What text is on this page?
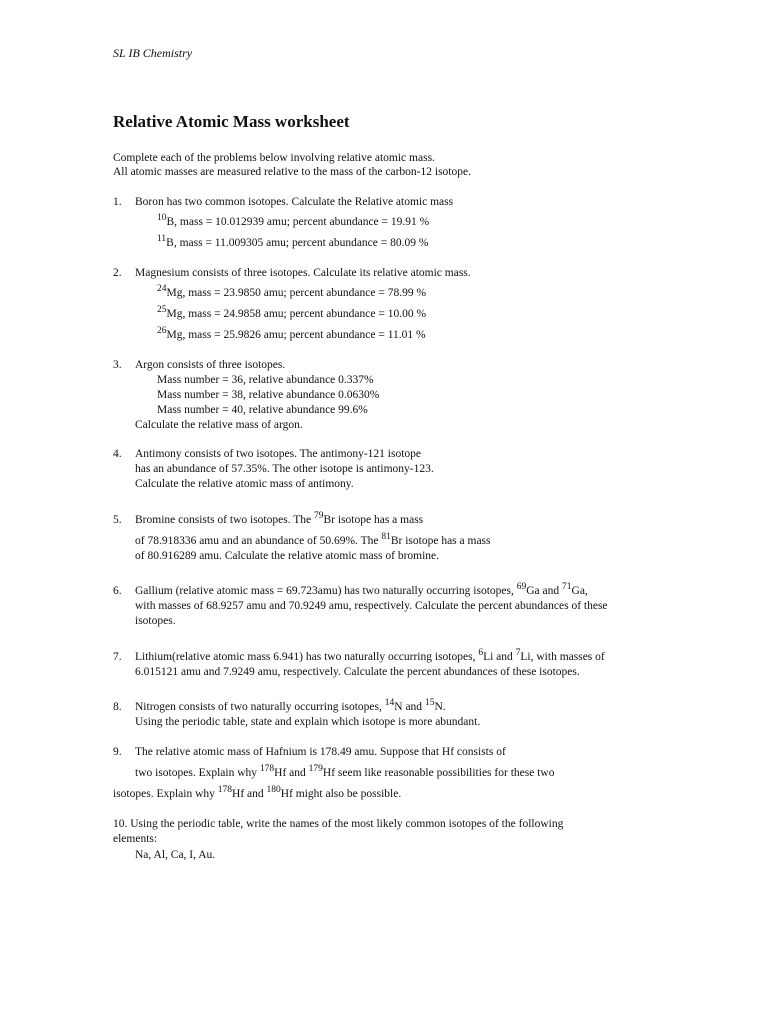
SL IB Chemistry
Relative Atomic Mass worksheet
Complete each of the problems below involving relative atomic mass.
All atomic masses are measured relative to the mass of the carbon-12 isotope.
1. Boron has two common isotopes. Calculate the Relative atomic mass
$^{10}$B, mass = 10.012939 amu; percent abundance = 19.91 %
$^{11}$B, mass = 11.009305 amu; percent abundance = 80.09 %
2. Magnesium consists of three isotopes. Calculate its relative atomic mass.
$^{24}$Mg, mass = 23.9850 amu; percent abundance = 78.99 %
$^{25}$Mg, mass = 24.9858 amu; percent abundance = 10.00 %
$^{26}$Mg, mass = 25.9826 amu; percent abundance = 11.01 %
3. Argon consists of three isotopes.
Mass number = 36, relative abundance 0.337%
Mass number = 38, relative abundance 0.0630%
Mass number = 40, relative abundance 99.6%
Calculate the relative mass of argon.
4. Antimony consists of two isotopes. The antimony-121 isotope
has an abundance of 57.35%. The other isotope is antimony-123.
Calculate the relative atomic mass of antimony.
5. Bromine consists of two isotopes. The $^{79}$Br isotope has a mass
of 78.918336 amu and an abundance of 50.69%. The $^{81}$Br isotope has a mass
of 80.916289 amu. Calculate the relative atomic mass of bromine.
6. Gallium (relative atomic mass = 69.723amu) has two naturally occurring isotopes, $^{69}$Ga and $^{71}$Ga,
with masses of 68.9257 amu and 70.9249 amu, respectively. Calculate the percent abundances of these
isotopes.
7. Lithium(relative atomic mass 6.941) has two naturally occurring isotopes, $^6$Li and $^7$Li, with masses of
6.015121 amu and 7.9249 amu, respectively. Calculate the percent abundances of these isotopes.
8. Nitrogen consists of two naturally occurring isotopes, $^{14}$N and $^{15}$N.
Using the periodic table, state and explain which isotope is more abundant.
9. The relative atomic mass of Hafnium is 178.49 amu. Suppose that Hf consists of
two isotopes. Explain why $^{178}$Hf and $^{179}$Hf seem like reasonable possibilities for these two
isotopes. Explain why $^{178}$Hf and $^{180}$Hf might also be possible.
10. Using the periodic table, write the names of the most likely common isotopes of the following
elements:
Na, Al, Ca, I, Au.
